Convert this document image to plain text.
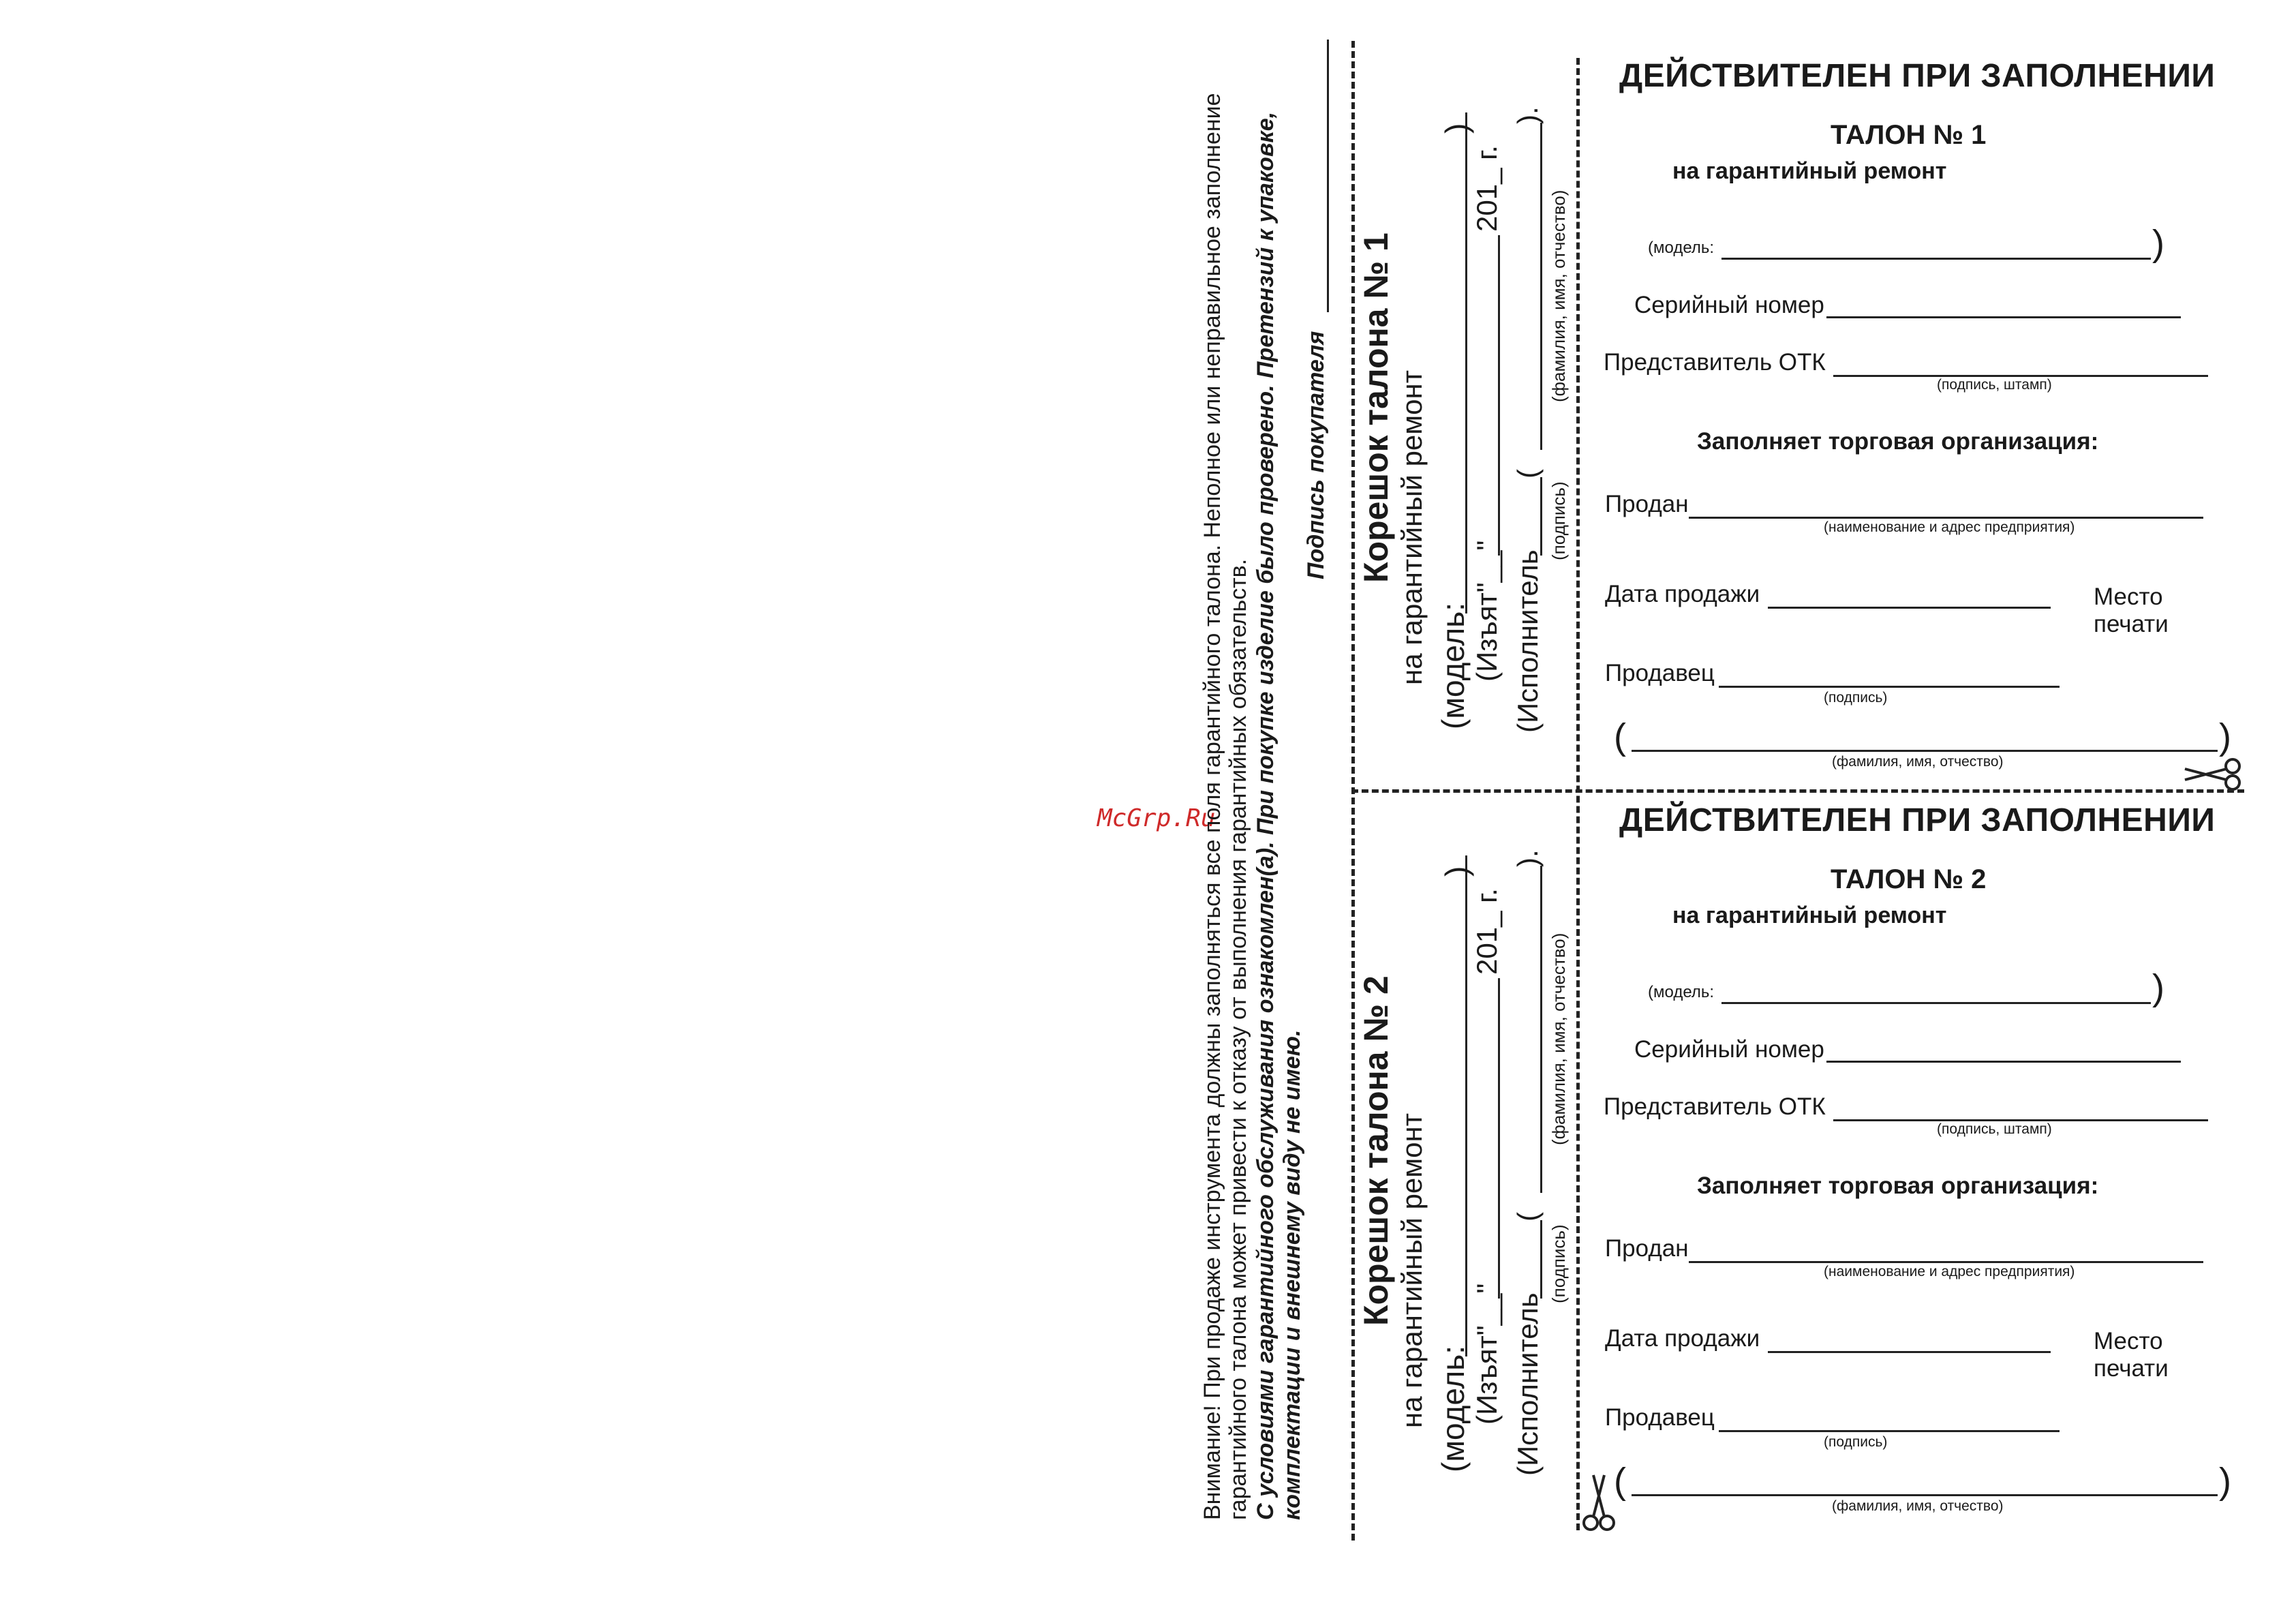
McGrp.Ru
Внимание! При продаже инструмента должны заполняться все поля гарантийного талона. Неполное или неправильное заполнение гарантийного талона может привести к отказу от выполнения гарантийных обязательств. С условиями гарантийного обслуживания ознакомлен(а). При покупке изделие было проверено. Претензий к упаковке, комплектации и внешнему виду не имею.
Подпись покупателя Корешок талона № 1 на гарантийный ремонт (модель:
)
(Изъят"__"
201_ г.
(Исполнитель
(
).
(подпись)
(фамилия, имя, отчество)
Корешок талона № 2 на гарантийный ремонт (модель:
)
(Изъят"__"
201_ г.
(Исполнитель
(
).
(подпись)
(фамилия, имя, отчество)
ДЕЙСТВИТЕЛЕН ПРИ ЗАПОЛНЕНИИ
ТАЛОН № 1
на гарантийный ремонт
(модель:	)
Серийный номер
Представитель ОТК
(подпись, штамп)
Заполняет торговая организация:
Продан
(наименование и адрес предприятия)
Дата продажи	Место
печати
Продавец
(подпись)
(	)
(фамилия, имя, отчество)
ДЕЙСТВИТЕЛЕН ПРИ ЗАПОЛНЕНИИ
ТАЛОН № 2
на гарантийный ремонт
(модель:	)
Серийный номер
Представитель ОТК
(подпись, штамп)
Заполняет торговая организация:
Продан
(наименование и адрес предприятия)
Дата продажи	Место
печати
Продавец
(подпись)
(	)
(фамилия, имя, отчество)
